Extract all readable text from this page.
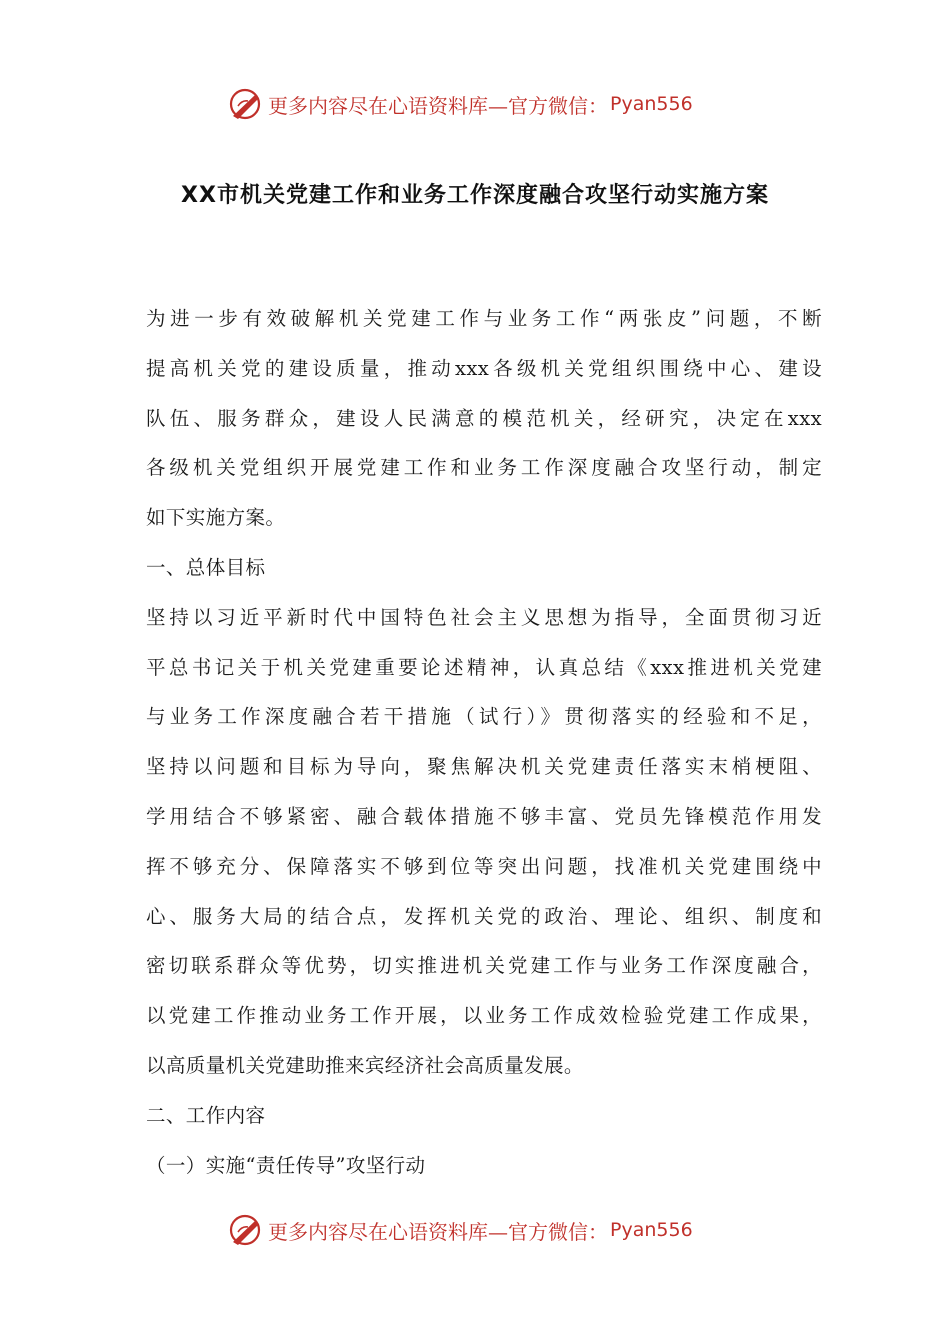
更多内容尽在心语资料库—官方微信： Pyan556
XX市机关党建工作和业务工作深度融合攻坚行动实施方案
为进一步有效破解机关党建工作与业务工作“两张皮”问题，不断
提高机关党的建设质量，推动xxx各级机关党组织围绕中心、建设
队伍、服务群众，建设人民满意的模范机关，经研究，决定在xxx
各级机关党组织开展党建工作和业务工作深度融合攻坚行动，制定
如下实施方案。
一、总体目标
坚持以习近平新时代中国特色社会主义思想为指导，全面贯彻习近
平总书记关于机关党建重要论述精神，认真总结《xxx推进机关党建
与业务工作深度融合若干措施（试行）》贯彻落实的经验和不足，
坚持以问题和目标为导向，聚焦解决机关党建责任落实末梢梗阻、
学用结合不够紧密、融合载体措施不够丰富、党员先锋模范作用发
挥不够充分、保障落实不够到位等突出问题，找准机关党建围绕中
心、服务大局的结合点，发挥机关党的政治、理论、组织、制度和
密切联系群众等优势，切实推进机关党建工作与业务工作深度融合，
以党建工作推动业务工作开展，以业务工作成效检验党建工作成果，
以高质量机关党建助推来宾经济社会高质量发展。
二、工作内容
（一）实施“责任传导”攻坚行动
更多内容尽在心语资料库—官方微信： Pyan556
